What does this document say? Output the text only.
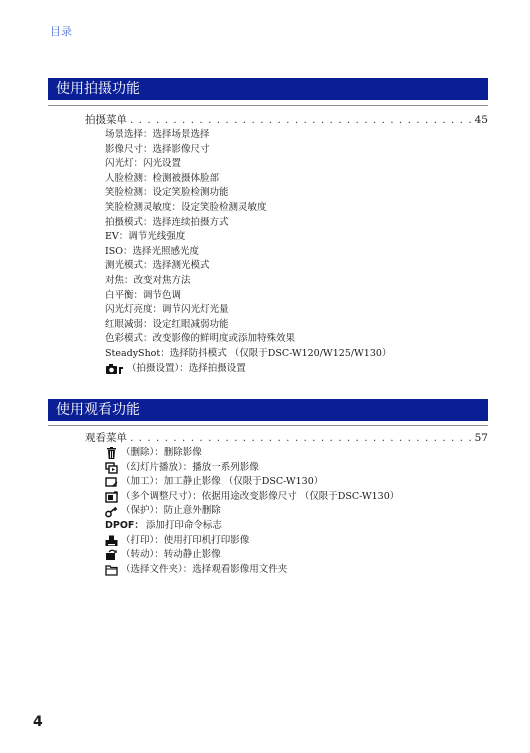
目录
使用拍摄功能
拍摄菜单 . . .	45
场景选择：选择场景选择
影像尺寸：选择影像尺寸
闪光灯：闪光设置
人脸检测：检测被摄体脸部
笑脸检测：设定笑脸检测功能
笑脸检测灵敏度：设定笑脸检测灵敏度
拍摄模式：选择连续拍摄方式
EV：调节光线强度
ISO：选择光照感光度
测光模式：选择测光模式
对焦：改变对焦方法
白平衡：调节色调
闪光灯亮度：调节闪光灯光量
红眼减弱：设定红眼减弱功能
色彩模式：改变影像的鲜明度或添加特殊效果
SteadyShot：选择防抖模式 （仅限于DSC-W120/W125/W130）
（拍摄设置）：选择拍摄设置
使用观看功能
观看菜单 . . .	57
（删除）：删除影像
（幻灯片播放）：播放一系列影像
（加工）：加工静止影像 （仅限于DSC-W130）
（多个调整尺寸）：依据用途改变影像尺寸 （仅限于DSC-W130）
（保护）：防止意外删除
DPOF： 添加打印命令标志
（打印）：使用打印机打印影像
（转动）：转动静止影像
（选择文件夹）：选择观看影像用文件夹
4
